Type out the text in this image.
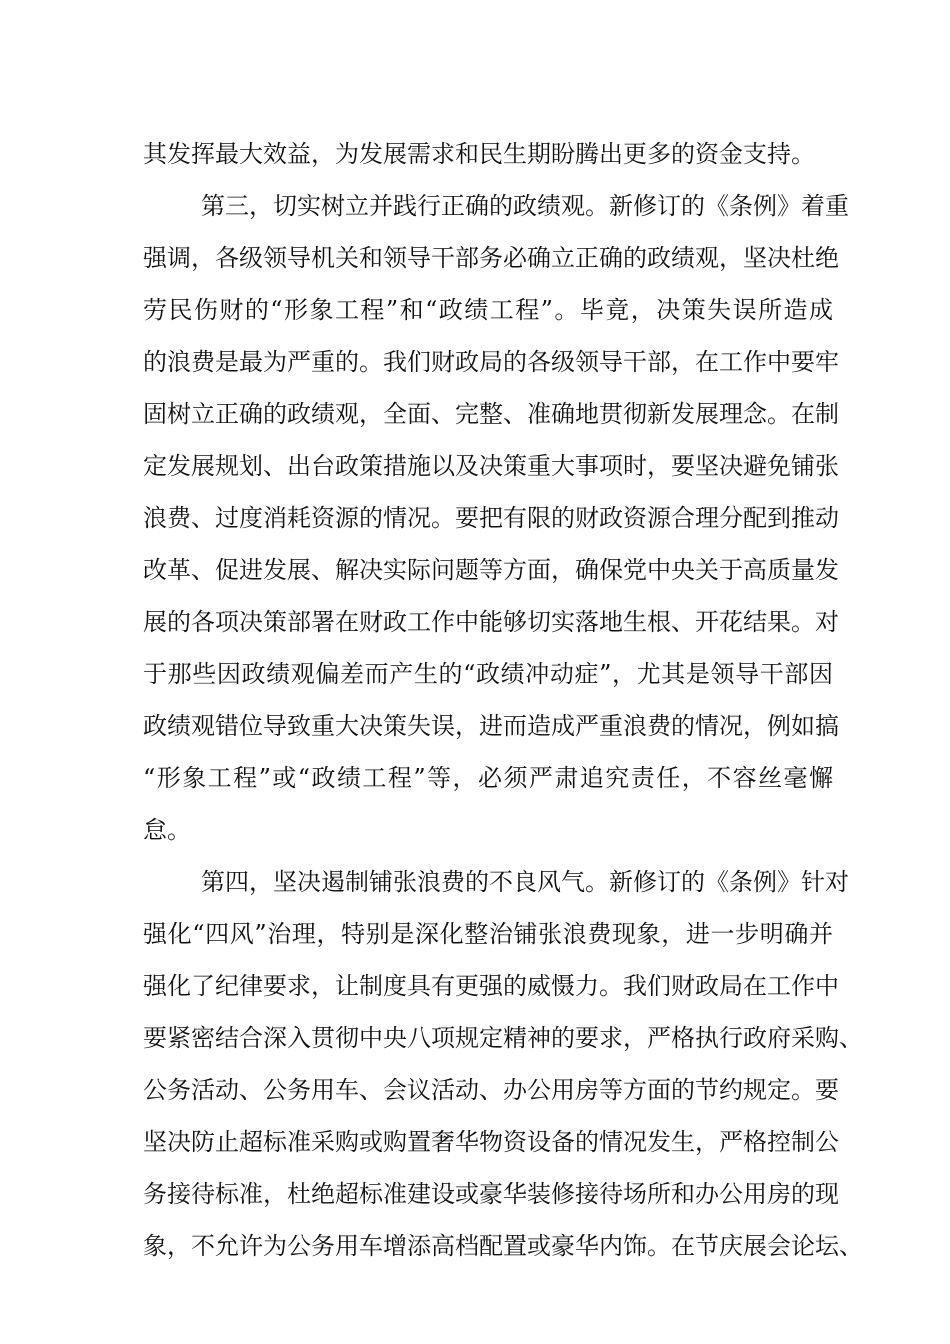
其发挥最大效益，为发展需求和民生期盼腾出更多的资金支持。
第三，切实树立并践行正确的政绩观。新修订的《条例》着重
强调，各级领导机关和领导干部务必确立正确的政绩观，坚决杜绝
劳民伤财的“形象工程”和“政绩工程”。毕竟，决策失误所造成
的浪费是最为严重的。我们财政局的各级领导干部，在工作中要牢
固树立正确的政绩观，全面、完整、准确地贯彻新发展理念。在制
定发展规划、出台政策措施以及决策重大事项时，要坚决避免铺张
浪费、过度消耗资源的情况。要把有限的财政资源合理分配到推动
改革、促进发展、解决实际问题等方面，确保党中央关于高质量发
展的各项决策部署在财政工作中能够切实落地生根、开花结果。对
于那些因政绩观偏差而产生的“政绩冲动症”，尤其是领导干部因
政绩观错位导致重大决策失误，进而造成严重浪费的情况，例如搞
“形象工程”或“政绩工程”等，必须严肃追究责任，不容丝毫懈
怠。
第四，坚决遏制铺张浪费的不良风气。新修订的《条例》针对
强化“四风”治理，特别是深化整治铺张浪费现象，进一步明确并
强化了纪律要求，让制度具有更强的威慑力。我们财政局在工作中
要紧密结合深入贯彻中央八项规定精神的要求，严格执行政府采购、
公务活动、公务用车、会议活动、办公用房等方面的节约规定。要
坚决防止超标准采购或购置奢华物资设备的情况发生，严格控制公
务接待标准，杜绝超标准建设或豪华装修接待场所和办公用房的现
象，不允许为公务用车增添高档配置或豪华内饰。在节庆展会论坛、
